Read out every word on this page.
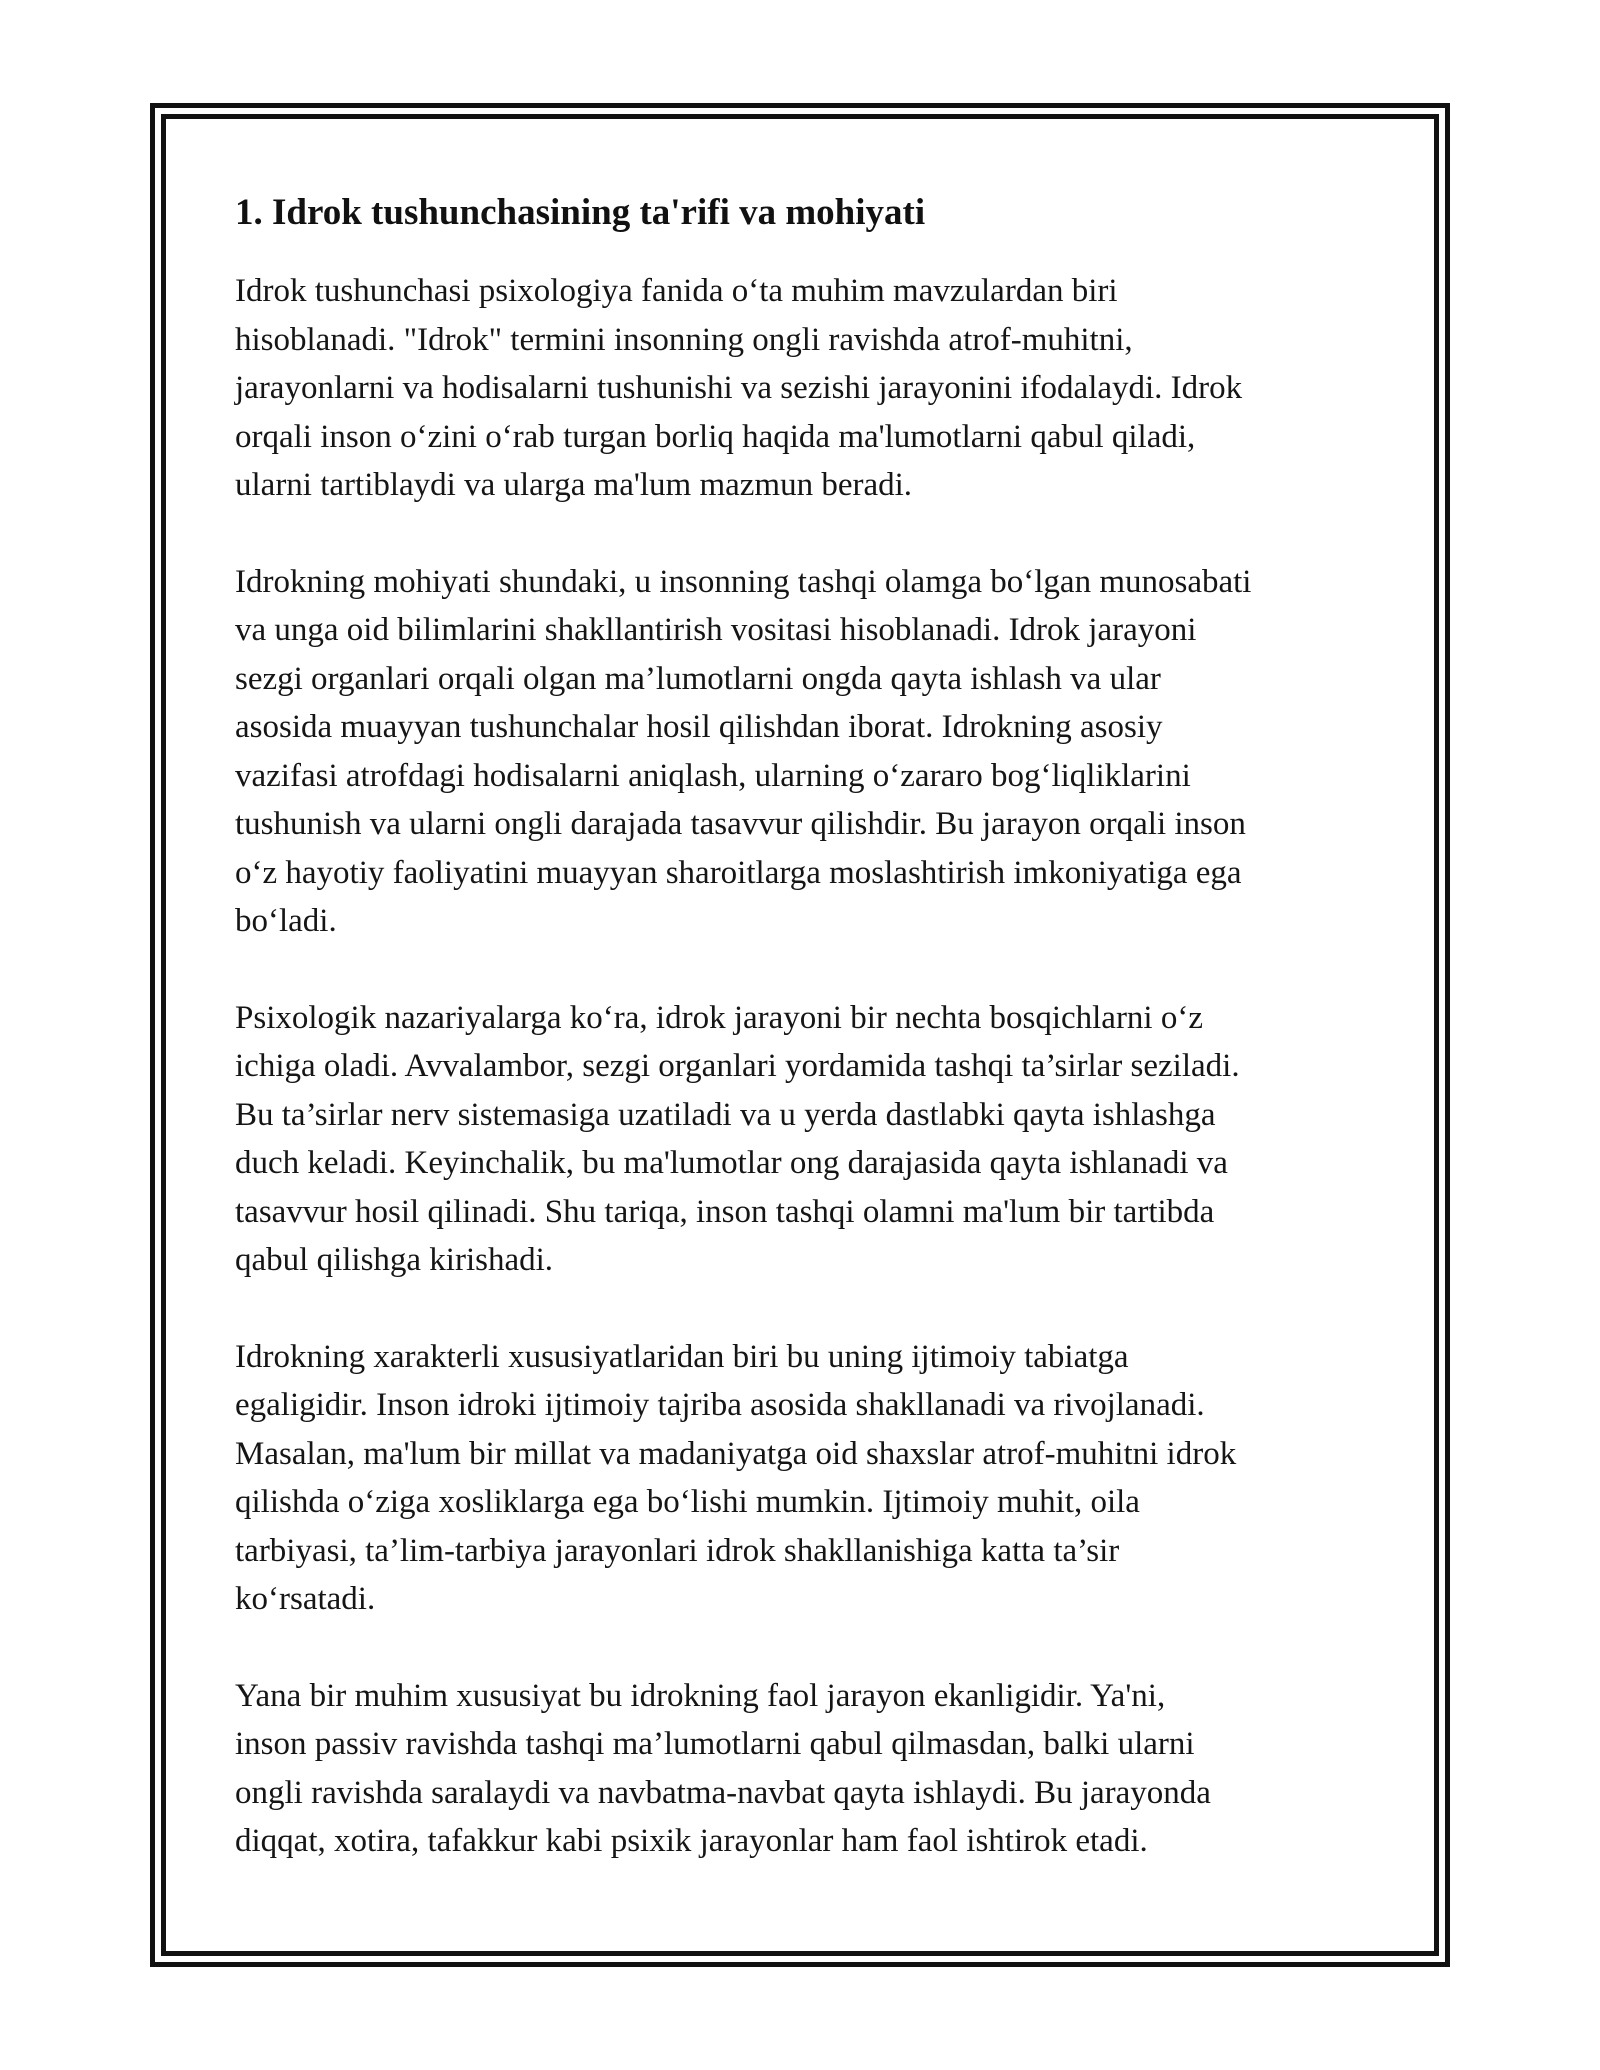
1. Idrok tushunchasining ta'rifi va mohiyati

Idrok tushunchasi psixologiya fanida o‘ta muhim mavzulardan biri
hisoblanadi. "Idrok" termini insonning ongli ravishda atrof-muhitni,
jarayonlarni va hodisalarni tushunishi va sezishi jarayonini ifodalaydi. Idrok
orqali inson o‘zini o‘rab turgan borliq haqida ma'lumotlarni qabul qiladi,
ularni tartiblaydi va ularga ma'lum mazmun beradi.

Idrokning mohiyati shundaki, u insonning tashqi olamga bo‘lgan munosabati
va unga oid bilimlarini shakllantirish vositasi hisoblanadi. Idrok jarayoni
sezgi organlari orqali olgan ma’lumotlarni ongda qayta ishlash va ular
asosida muayyan tushunchalar hosil qilishdan iborat. Idrokning asosiy
vazifasi atrofdagi hodisalarni aniqlash, ularning o‘zararo bog‘liqliklarini
tushunish va ularni ongli darajada tasavvur qilishdir. Bu jarayon orqali inson
o‘z hayotiy faoliyatini muayyan sharoitlarga moslashtirish imkoniyatiga ega
bo‘ladi.

Psixologik nazariyalarga ko‘ra, idrok jarayoni bir nechta bosqichlarni o‘z
ichiga oladi. Avvalambor, sezgi organlari yordamida tashqi ta’sirlar seziladi.
Bu ta’sirlar nerv sistemasiga uzatiladi va u yerda dastlabki qayta ishlashga
duch keladi. Keyinchalik, bu ma'lumotlar ong darajasida qayta ishlanadi va
tasavvur hosil qilinadi. Shu tariqa, inson tashqi olamni ma'lum bir tartibda
qabul qilishga kirishadi.

Idrokning xarakterli xususiyatlaridan biri bu uning ijtimoiy tabiatga
egaligidir. Inson idroki ijtimoiy tajriba asosida shakllanadi va rivojlanadi.
Masalan, ma'lum bir millat va madaniyatga oid shaxslar atrof-muhitni idrok
qilishda o‘ziga xosliklarga ega bo‘lishi mumkin. Ijtimoiy muhit, oila
tarbiyasi, ta’lim-tarbiya jarayonlari idrok shakllanishiga katta ta’sir
ko‘rsatadi.

Yana bir muhim xususiyat bu idrokning faol jarayon ekanligidir. Ya'ni,
inson passiv ravishda tashqi ma’lumotlarni qabul qilmasdan, balki ularni
ongli ravishda saralaydi va navbatma-navbat qayta ishlaydi. Bu jarayonda
diqqat, xotira, tafakkur kabi psixik jarayonlar ham faol ishtirok etadi.
